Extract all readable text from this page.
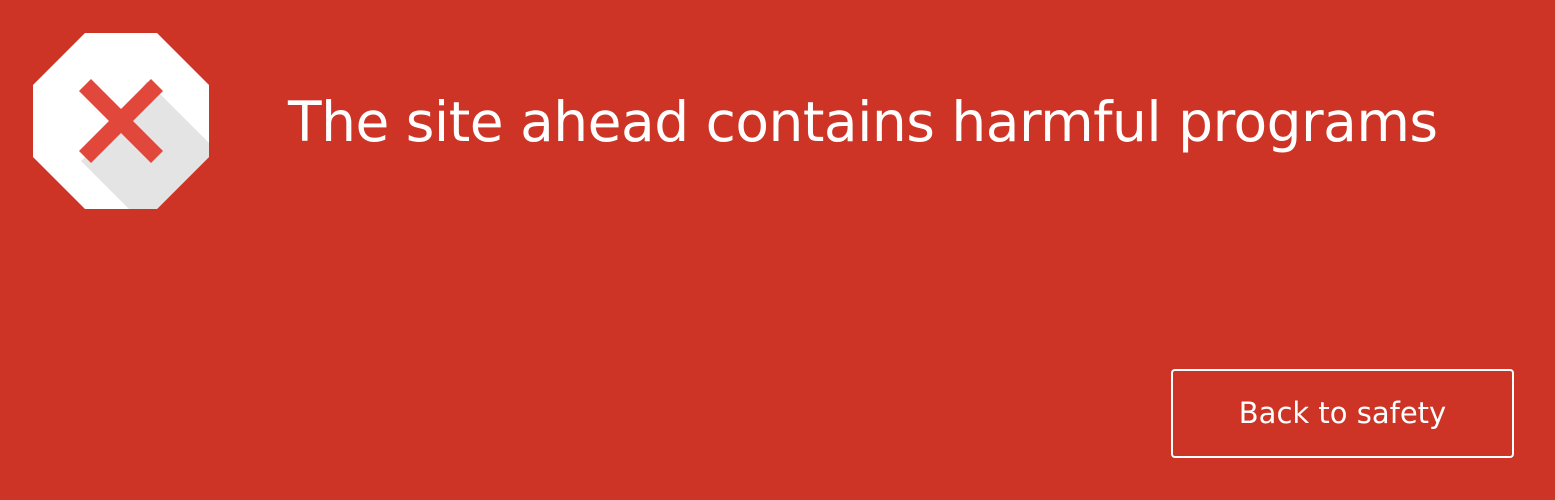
The site ahead contains harmful programs
Back to safety
